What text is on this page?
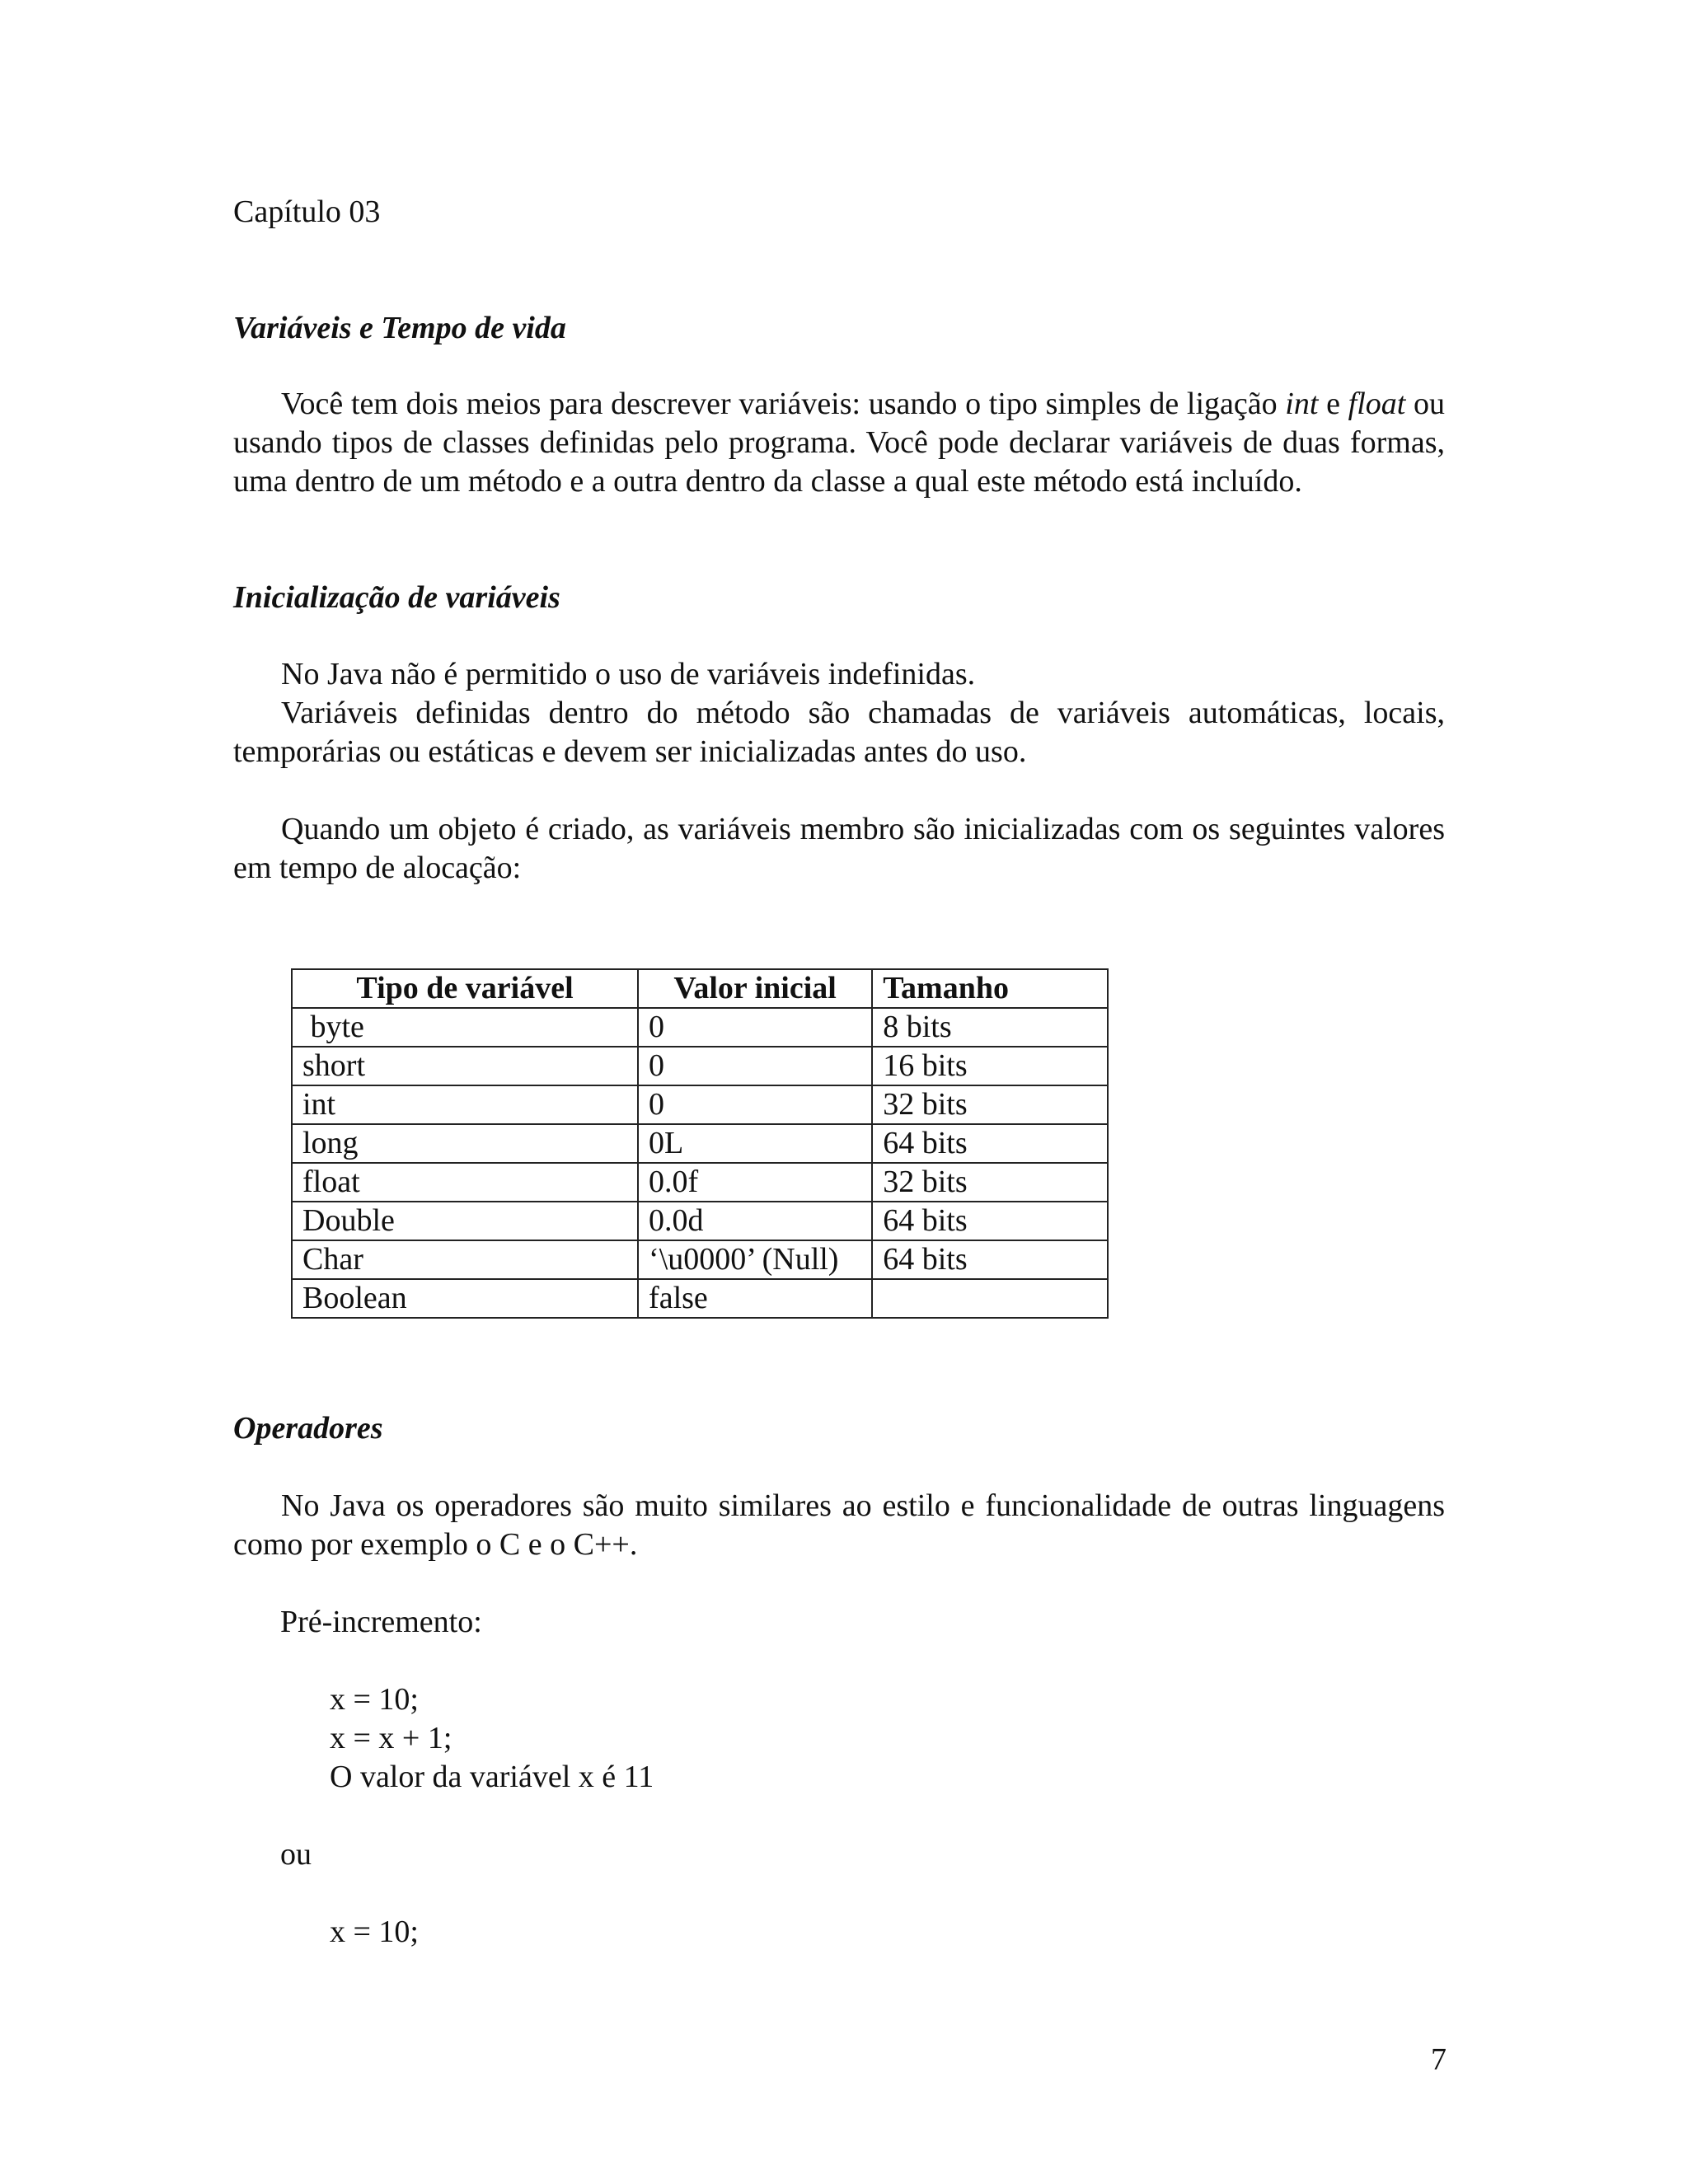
Capítulo 03
Variáveis e Tempo de vida
Você tem dois meios para descrever variáveis: usando o tipo simples de ligação int e float ou usando tipos de classes definidas pelo programa. Você pode declarar variáveis de duas formas, uma dentro de um método e a outra dentro da classe a qual este método está incluído.
Inicialização de variáveis
No Java não é permitido o uso de variáveis indefinidas.
Variáveis definidas dentro do método são chamadas de variáveis automáticas, locais, temporárias ou estáticas e devem ser inicializadas antes do uso.
Quando um objeto é criado, as variáveis membro são inicializadas com os seguintes valores em tempo de alocação:
Tipo de variável	Valor inicial	Tamanho
byte	0	8 bits
short	0	16 bits
int	0	32 bits
long	0L	64 bits
float	0.0f	32 bits
Double	0.0d	64 bits
Char	‘\u0000’ (Null)	64 bits
Boolean	false	
Operadores
No Java os operadores são muito similares ao estilo e funcionalidade de outras linguagens como por exemplo o C e o C++.
Pré-incremento:
x = 10;
x = x + 1;
O valor da variável x é 11
ou
x = 10;
7
